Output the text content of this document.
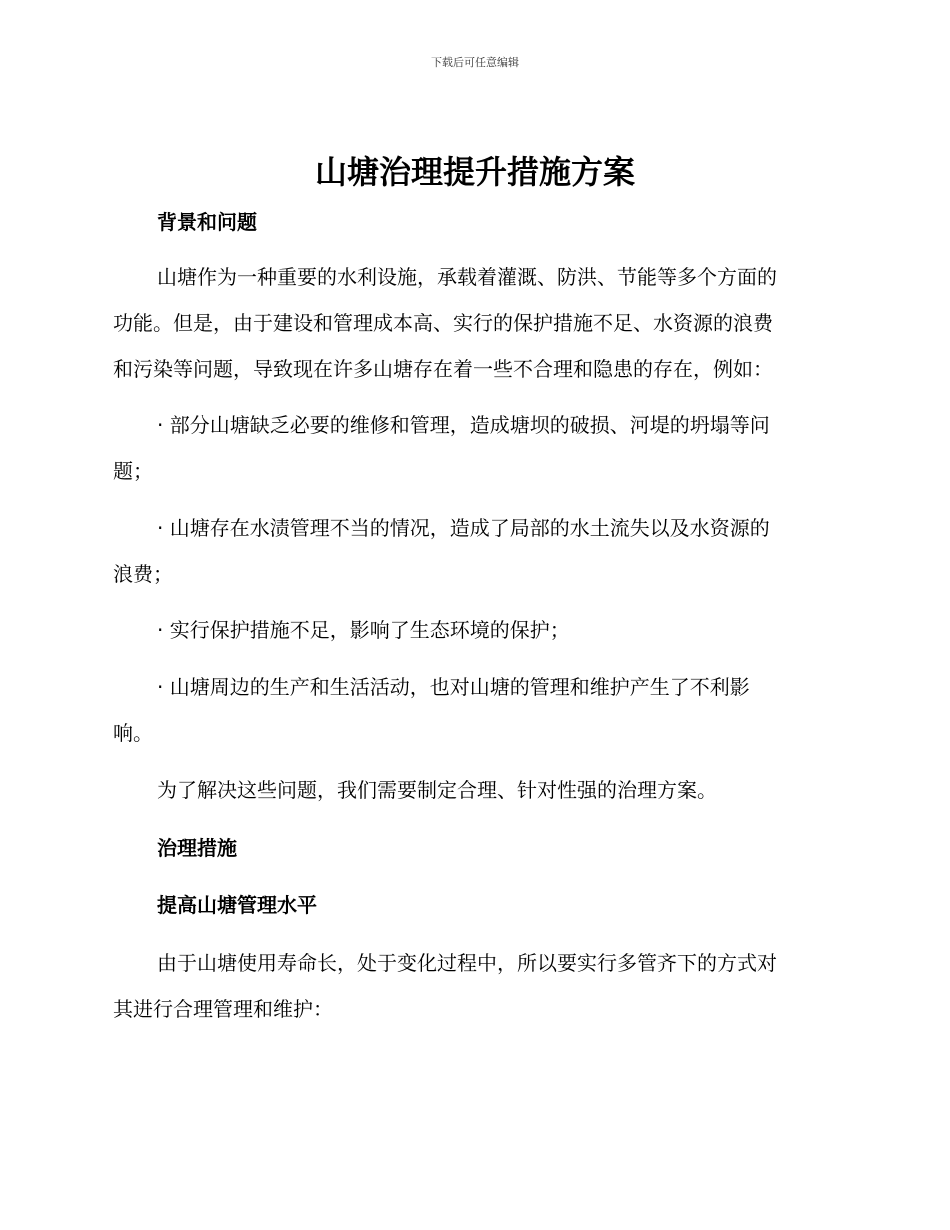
下载后可任意编辑
山塘治理提升措施方案
背景和问题
山塘作为一种重要的水利设施，承载着灌溉、防洪、节能等多个方面的
功能。但是，由于建设和管理成本高、实行的保护措施不足、水资源的浪费
和污染等问题，导致现在许多山塘存在着一些不合理和隐患的存在，例如：
· 部分山塘缺乏必要的维修和管理，造成塘坝的破损、河堤的坍塌等问
题；
· 山塘存在水渍管理不当的情况，造成了局部的水土流失以及水资源的
浪费；
· 实行保护措施不足，影响了生态环境的保护；
· 山塘周边的生产和生活活动，也对山塘的管理和维护产生了不利影
响。
为了解决这些问题，我们需要制定合理、针对性强的治理方案。
治理措施
提高山塘管理水平
由于山塘使用寿命长，处于变化过程中，所以要实行多管齐下的方式对
其进行合理管理和维护：
